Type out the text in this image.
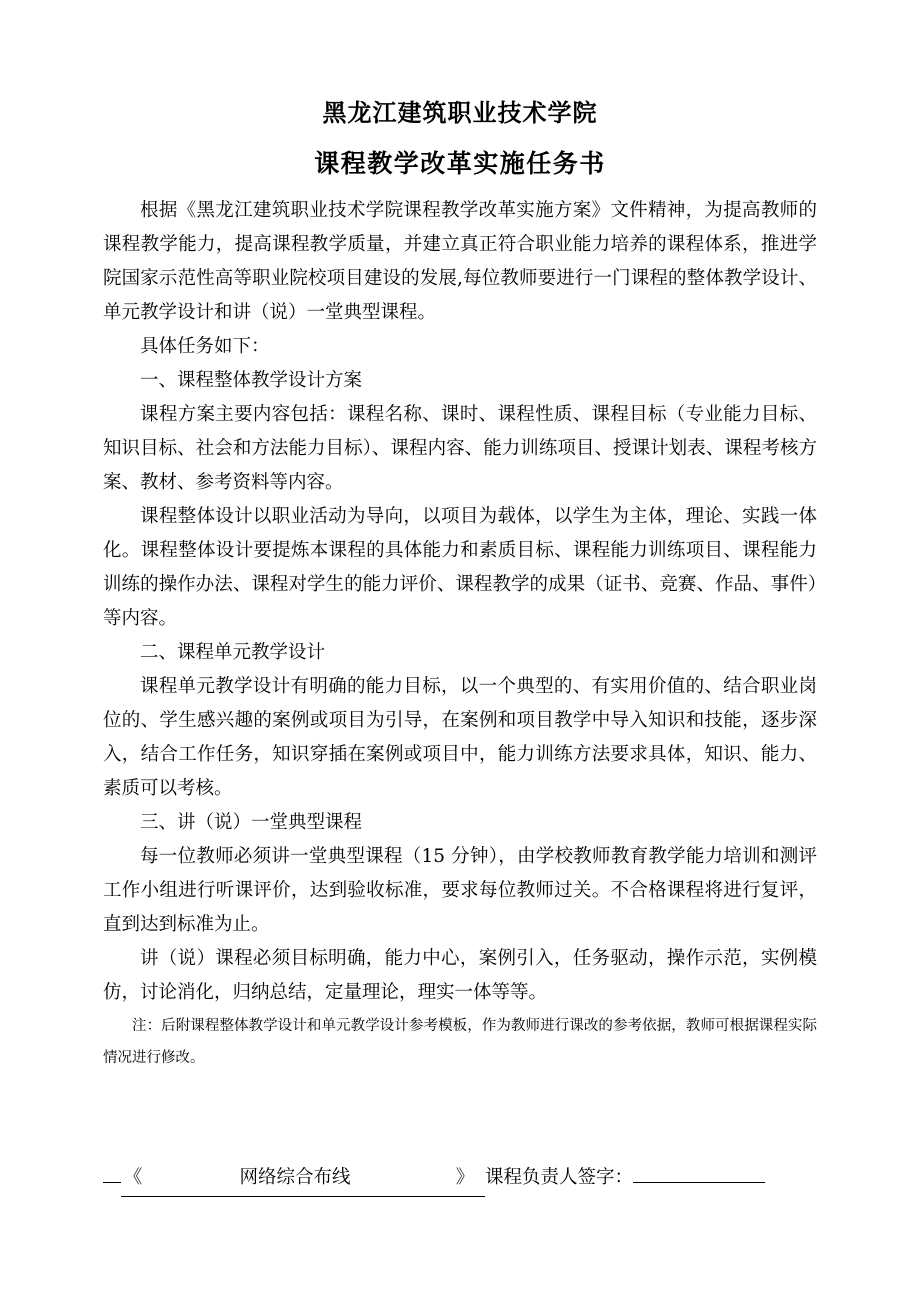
黑龙江建筑职业技术学院
课程教学改革实施任务书

根据《黑龙江建筑职业技术学院课程教学改革实施方案》文件精神，为提高教师的课程教学能力，提高课程教学质量，并建立真正符合职业能力培养的课程体系，推进学院国家示范性高等职业院校项目建设的发展,每位教师要进行一门课程的整体教学设计、单元教学设计和讲（说）一堂典型课程。

具体任务如下：

一、课程整体教学设计方案

课程方案主要内容包括：课程名称、课时、课程性质、课程目标（专业能力目标、知识目标、社会和方法能力目标）、课程内容、能力训练项目、授课计划表、课程考核方案、教材、参考资料等内容。

课程整体设计以职业活动为导向，以项目为载体，以学生为主体，理论、实践一体化。课程整体设计要提炼本课程的具体能力和素质目标、课程能力训练项目、课程能力训练的操作办法、课程对学生的能力评价、课程教学的成果（证书、竞赛、作品、事件）等内容。

二、课程单元教学设计

课程单元教学设计有明确的能力目标，以一个典型的、有实用价值的、结合职业岗位的、学生感兴趣的案例或项目为引导，在案例和项目教学中导入知识和技能，逐步深入，结合工作任务，知识穿插在案例或项目中，能力训练方法要求具体，知识、能力、素质可以考核。

三、讲（说）一堂典型课程

每一位教师必须讲一堂典型课程（15 分钟），由学校教师教育教学能力培训和测评工作小组进行听课评价，达到验收标准，要求每位教师过关。不合格课程将进行复评，直到达到标准为止。

讲（说）课程必须目标明确，能力中心，案例引入，任务驱动，操作示范，实例模仿，讨论消化，归纳总结，定量理论，理实一体等等。

注：后附课程整体教学设计和单元教学设计参考模板，作为教师进行课改的参考依据，教师可根据课程实际情况进行修改。

《	网络综合布线	》 课程负责人签字：
